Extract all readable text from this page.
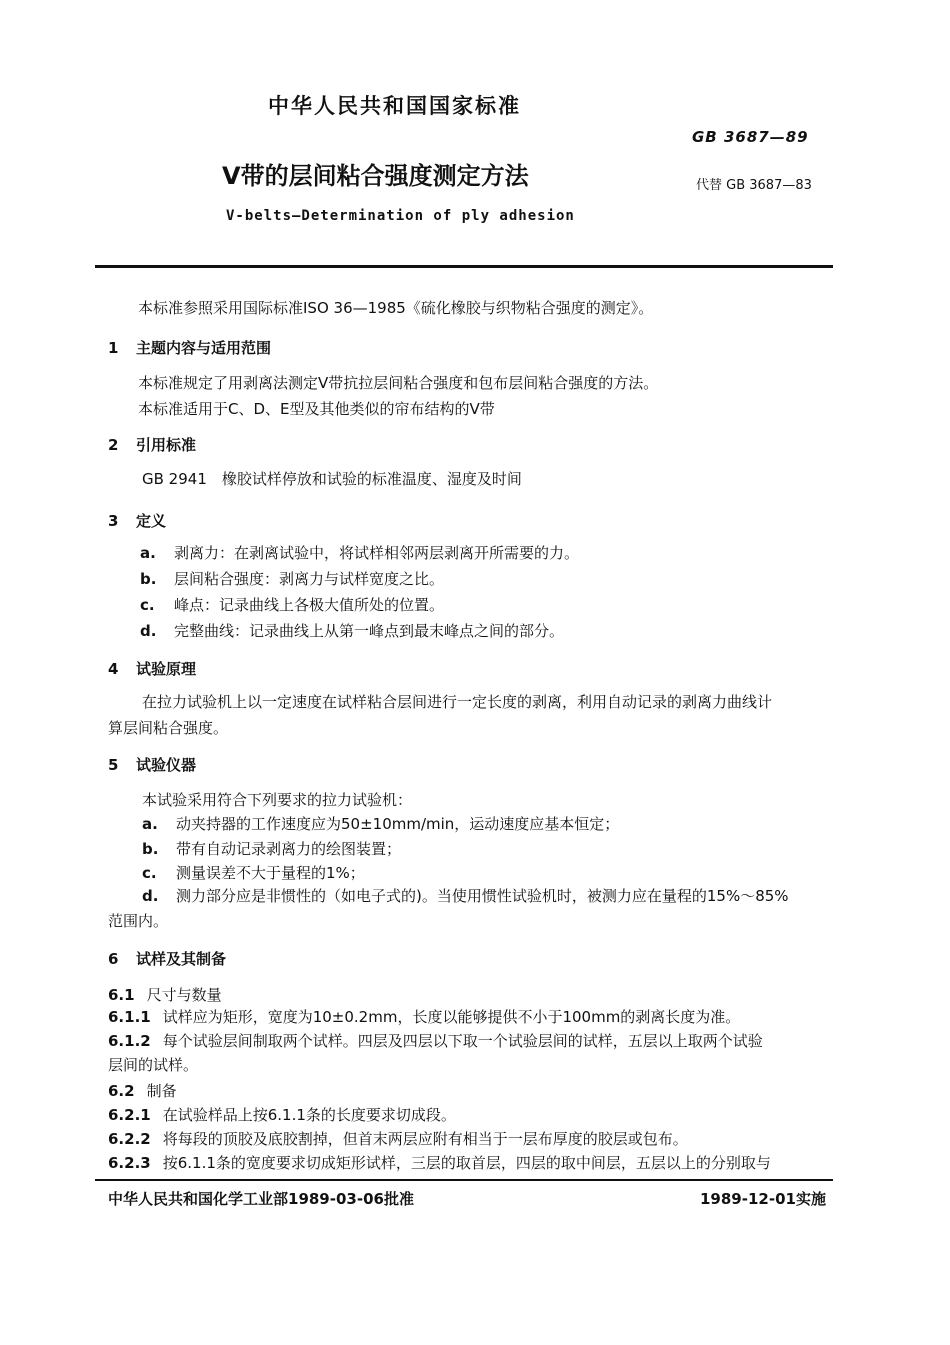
中华人民共和国国家标准
GB 3687—89
V带的层间粘合强度测定方法	代替 GB 3687—83
V-belts—Determination of ply adhesion
本标准参照采用国际标准ISO 36—1985《硫化橡胶与织物粘合强度的测定》。
1 主题内容与适用范围
本标准规定了用剥离法测定V带抗拉层间粘合强度和包布层间粘合强度的方法。
本标准适用于C、D、E型及其他类似的帘布结构的V带
2 引用标准
GB 2941　橡胶试样停放和试验的标准温度、湿度及时间
3 定义
a. 剥离力：在剥离试验中，将试样相邻两层剥离开所需要的力。
b. 层间粘合强度：剥离力与试样宽度之比。
c. 峰点：记录曲线上各极大值所处的位置。
d. 完整曲线：记录曲线上从第一峰点到最末峰点之间的部分。
4 试验原理
在拉力试验机上以一定速度在试样粘合层间进行一定长度的剥离，利用自动记录的剥离力曲线计
算层间粘合强度。
5 试验仪器
本试验采用符合下列要求的拉力试验机：
a. 动夹持器的工作速度应为50±10mm/min，运动速度应基本恒定；
b. 带有自动记录剥离力的绘图装置；
c. 测量误差不大于量程的1%；
d. 测力部分应是非惯性的（如电子式的)。当使用惯性试验机时，被测力应在量程的15%～85%
范围内。
6 试样及其制备
6.1 尺寸与数量
6.1.1 试样应为矩形，宽度为10±0.2mm，长度以能够提供不小于100mm的剥离长度为准。
6.1.2 每个试验层间制取两个试样。四层及四层以下取一个试验层间的试样，五层以上取两个试验
层间的试样。
6.2 制备
6.2.1 在试验样品上按6.1.1条的长度要求切成段。
6.2.2 将每段的顶胶及底胶割掉，但首末两层应附有相当于一层布厚度的胶层或包布。
6.2.3 按6.1.1条的宽度要求切成矩形试样，三层的取首层，四层的取中间层，五层以上的分别取与
中华人民共和国化学工业部1989-03-06批准	1989-12-01实施
